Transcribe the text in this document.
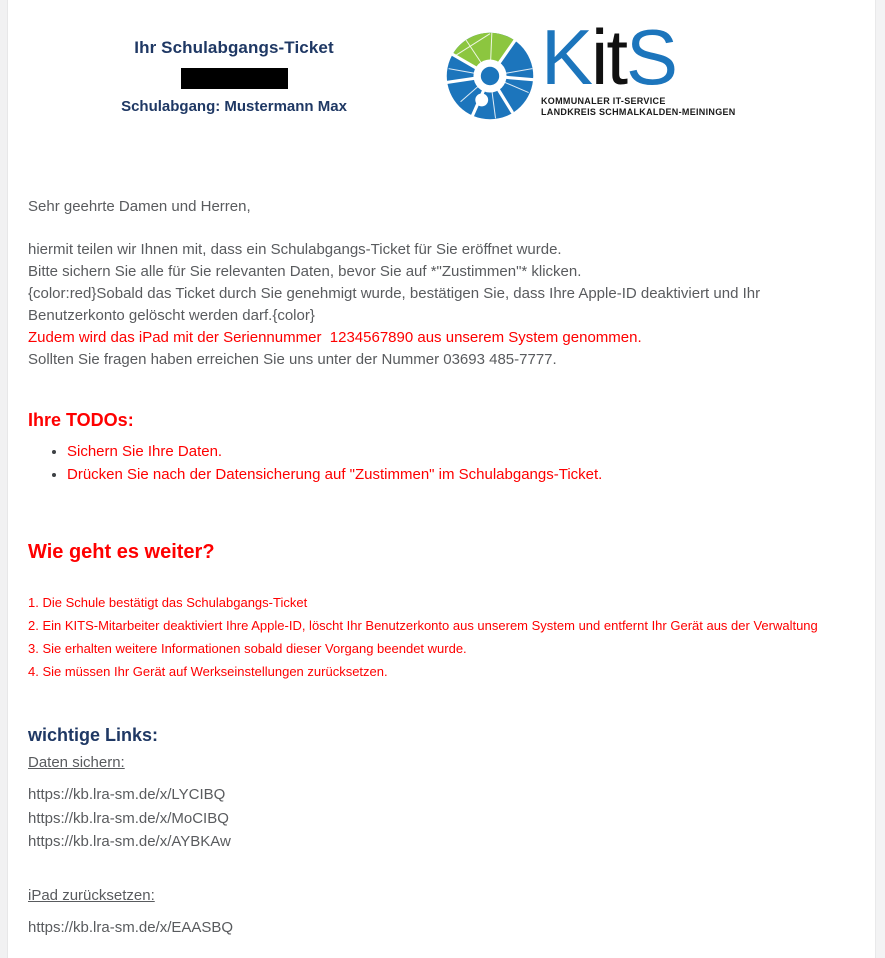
Ihr Schulabgangs-Ticket
Schulabgang: Mustermann Max
KitS
KOMMUNALER IT-SERVICE
LANDKREIS SCHMALKALDEN-MEININGEN
Sehr geehrte Damen und Herren,
hiermit teilen wir Ihnen mit, dass ein Schulabgangs-Ticket für Sie eröffnet wurde.
Bitte sichern Sie alle für Sie relevanten Daten, bevor Sie auf *"Zustimmen"* klicken.
{color:red}Sobald das Ticket durch Sie genehmigt wurde, bestätigen Sie, dass Ihre Apple-ID deaktiviert und Ihr Benutzerkonto gelöscht werden darf.{color}
Zudem wird das iPad mit der Seriennummer  1234567890 aus unserem System genommen.
Sollten Sie fragen haben erreichen Sie uns unter der Nummer 03693 485-7777.
Ihre TODOs:
• Sichern Sie Ihre Daten.
• Drücken Sie nach der Datensicherung auf "Zustimmen" im Schulabgangs-Ticket.
Wie geht es weiter?
1. Die Schule bestätigt das Schulabgangs-Ticket
2. Ein KITS-Mitarbeiter deaktiviert Ihre Apple-ID, löscht Ihr Benutzerkonto aus unserem System und entfernt Ihr Gerät aus der Verwaltung
3. Sie erhalten weitere Informationen sobald dieser Vorgang beendet wurde.
4. Sie müssen Ihr Gerät auf Werkseinstellungen zurücksetzen.
wichtige Links:
Daten sichern:
https://kb.lra-sm.de/x/LYCIBQ
https://kb.lra-sm.de/x/MoCIBQ
https://kb.lra-sm.de/x/AYBKAw
iPad zurücksetzen:
https://kb.lra-sm.de/x/EAASBQ
